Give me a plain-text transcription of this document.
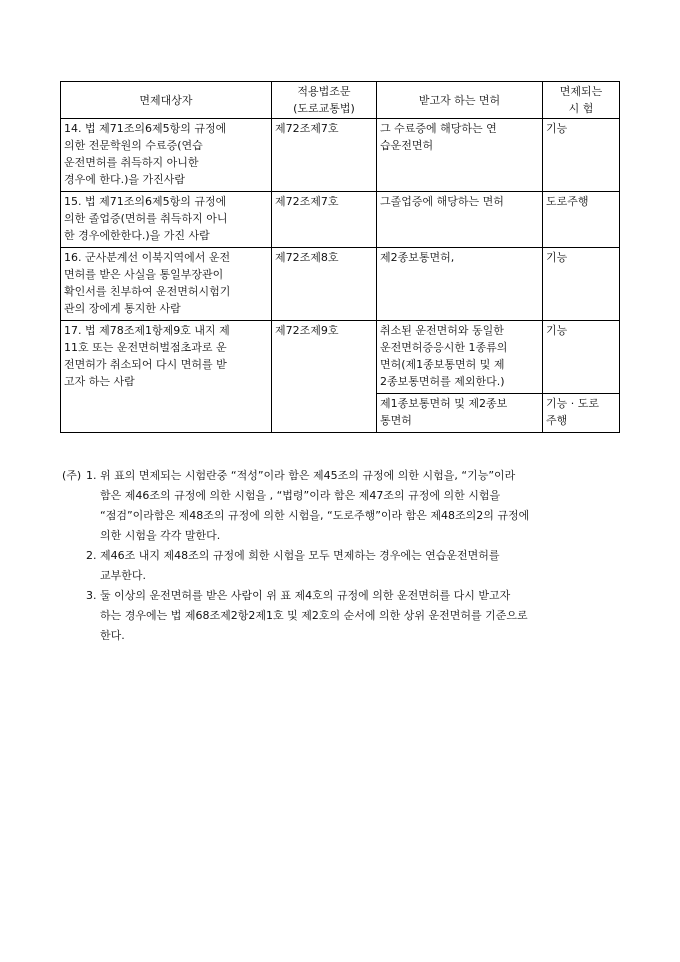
면제대상자	적용법조문
(도로교통법)	받고자 하는 면허	면제되는
시 험
14. 법 제71조의6제5항의 규정에
의한 전문학원의 수료증(연습
운전면허를 취득하지 아니한
경우에 한다.)을 가진사람	제72조제7호	그 수료증에 해당하는 연
습운전면허	기능
15. 법 제71조의6제5항의 규정에
의한 졸업증(면허를 취득하지 아니
한 경우에한한다.)을 가진 사람	제72조제7호	그졸업증에 해당하는 면허	도로주행
16. 군사분계선 이북지역에서 운전
면허를 받은 사실을 통일부장관이
확인서를 친부하여 운전면허시험기
관의 장에게 통지한 사람	제72조제8호	제2종보통면허,	기능
17. 법 제78조제1항제9호 내지 제
11호 또는 운전면허벌점초과로 운
전면허가 취소되어 다시 면허를 받
고자 하는 사람	제72조제9호	취소된 운전면허와 동일한
운전면허증응시한 1종류의
면허(제1종보통면허 및 제
2종보통면허를 제외한다.)	기능
		제1종보통면허 및 제2종보
통면허	기능 · 도로
주행
(주) 1. 위 표의 면제되는 시험란중 “적성”이라 함은 제45조의 규정에 의한 시험을, “기능”이라
함은 제46조의 규정에 의한 시험을 , “법령”이라 함은 제47조의 규정에 의한 시험을
“점검”이라함은 제48조의 규정에 의한 시험을, “도로주행”이라 함은 제48조의2의 규정에
의한 시험을 각각 말한다.
2. 제46조 내지 제48조의 규정에 희한 시험을 모두 면제하는 경우에는 연습운전면허를
교부한다.
3. 둘 이상의 운전면허를 받은 사람이 위 표 제4호의 규정에 의한 운전면허를 다시 받고자
하는 경우에는 법 제68조제2항2제1호 및 제2호의 순서에 의한 상위 운전면허를 기준으로
한다.
